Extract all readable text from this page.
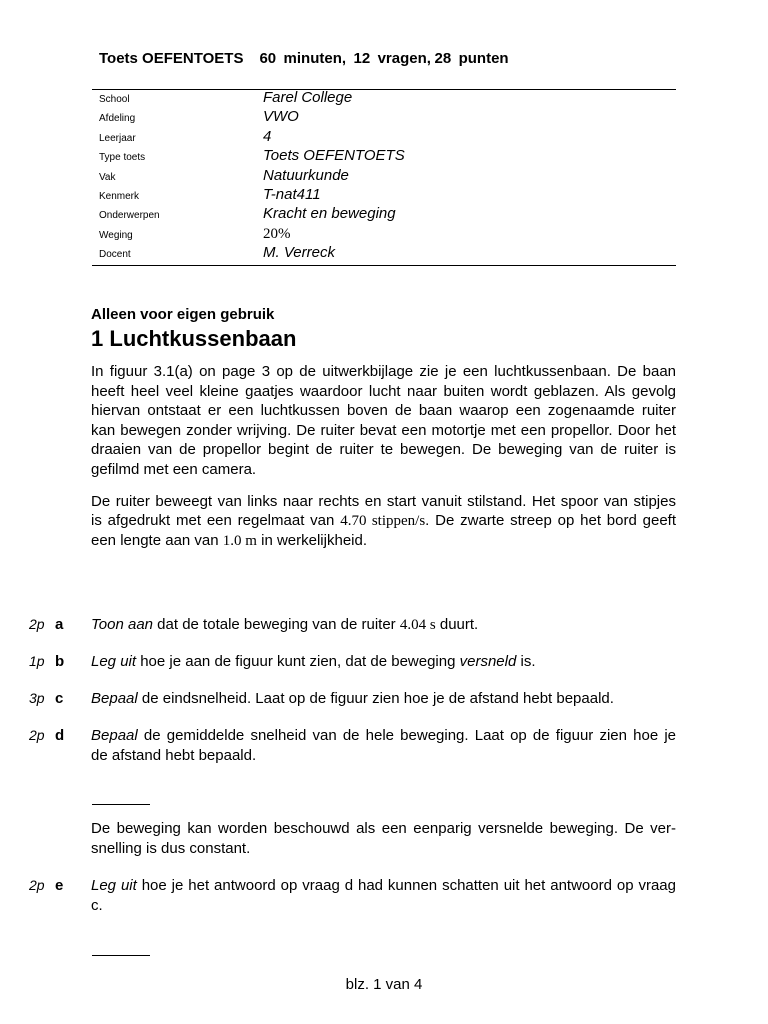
Toets OEFENTOETS 60 minuten, 12 vragen, 28 punten
School	Farel College
Afdeling	VWO
Leerjaar	4
Type toets	Toets OEFENTOETS
Vak	Natuurkunde
Kenmerk	T-nat411
Onderwerpen	Kracht en beweging
Weging	20%
Docent	M. Verreck
Alleen voor eigen gebruik
1 Luchtkussenbaan
In figuur 3.1(a) on page 3 op de uitwerkbijlage zie je een luchtkussenbaan. De baan
heeft heel veel kleine gaatjes waardoor lucht naar buiten wordt geblazen. Als gevolg
hiervan ontstaat er een luchtkussen boven de baan waarop een zogenaamde ruiter
kan bewegen zonder wrijving. De ruiter bevat een motortje met een propellor. Door het
draaien van de propellor begint de ruiter te bewegen. De beweging van de ruiter is
gefilmd met een camera.
De ruiter beweegt van links naar rechts en start vanuit stilstand. Het spoor van stipjes
is afgedrukt met een regelmaat van 4.70 stippen/s. De zwarte streep op het bord geeft
een lengte aan van 1.0 m in werkelijkheid.
2p a Toon aan dat de totale beweging van de ruiter 4.04 s duurt.
1p b Leg uit hoe je aan de figuur kunt zien, dat de beweging versneld is.
3p c Bepaal de eindsnelheid. Laat op de figuur zien hoe je de afstand hebt bepaald.
2p d Bepaal de gemiddelde snelheid van de hele beweging. Laat op de figuur zien hoe je
de afstand hebt bepaald.
De beweging kan worden beschouwd als een eenparig versnelde beweging. De ver-
snelling is dus constant.
2p e Leg uit hoe je het antwoord op vraag d had kunnen schatten uit het antwoord op vraag
c.
blz. 1 van 4
